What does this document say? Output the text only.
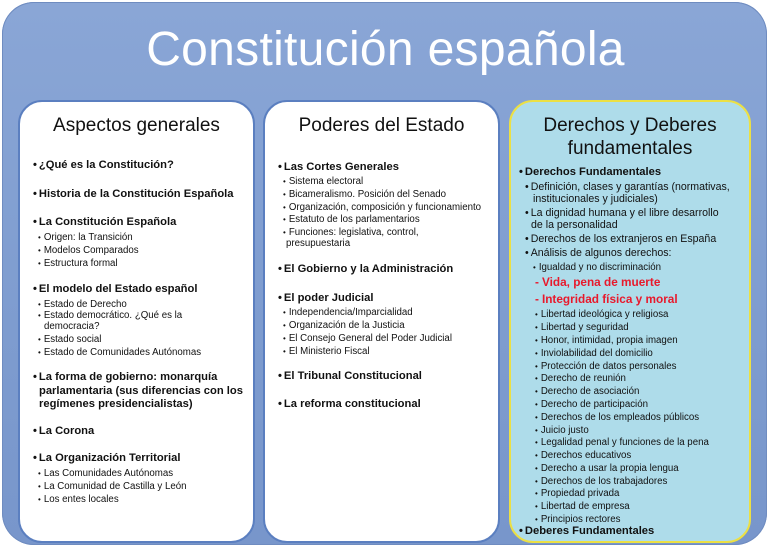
Constitución española
Aspectos generales
• ¿Qué es la Constitución?
• Historia de la Constitución Española
• La Constitución Española
• Origen: la Transición
• Modelos Comparados
• Estructura formal
• El modelo del Estado español
• Estado de Derecho
• Estado democrático. ¿Qué es la
democracia?
• Estado social
• Estado de Comunidades Autónomas
• La forma de gobierno: monarquía
parlamentaria (sus diferencias con los
regímenes presidencialistas)
• La Corona
• La Organización Territorial
• Las Comunidades Autónomas
• La Comunidad de Castilla y León
• Los entes locales
Poderes del Estado
• Las Cortes Generales
• Sistema electoral
• Bicameralismo. Posición del Senado
• Organización, composición y funcionamiento
• Estatuto de los parlamentarios
• Funciones: legislativa, control,
presupuestaria
• El Gobierno y la Administración
• El poder Judicial
• Independencia/Imparcialidad
• Organización de la Justicia
• El Consejo General del Poder Judicial
• El Ministerio Fiscal
• El Tribunal Constitucional
• La reforma constitucional
Derechos y Deberes
fundamentales
• Derechos Fundamentales
• Definición, clases y garantías (normativas,
institucionales y judiciales)
• La dignidad humana y el libre desarrollo
de la personalidad
• Derechos de los extranjeros en España
• Análisis de algunos derechos:
• Igualdad y no discriminación
- Vida, pena de muerte
- Integridad física y moral
• Libertad ideológica y religiosa
• Libertad y seguridad
• Honor, intimidad, propia imagen
• Inviolabilidad del domicilio
• Protección de datos personales
• Derecho de reunión
• Derecho de asociación
• Derecho de participación
• Derechos de los empleados públicos
• Juicio justo
• Legalidad penal y funciones de la pena
• Derechos educativos
• Derecho a usar la propia lengua
• Derechos de los trabajadores
• Propiedad privada
• Libertad de empresa
• Principios rectores
• Deberes Fundamentales
